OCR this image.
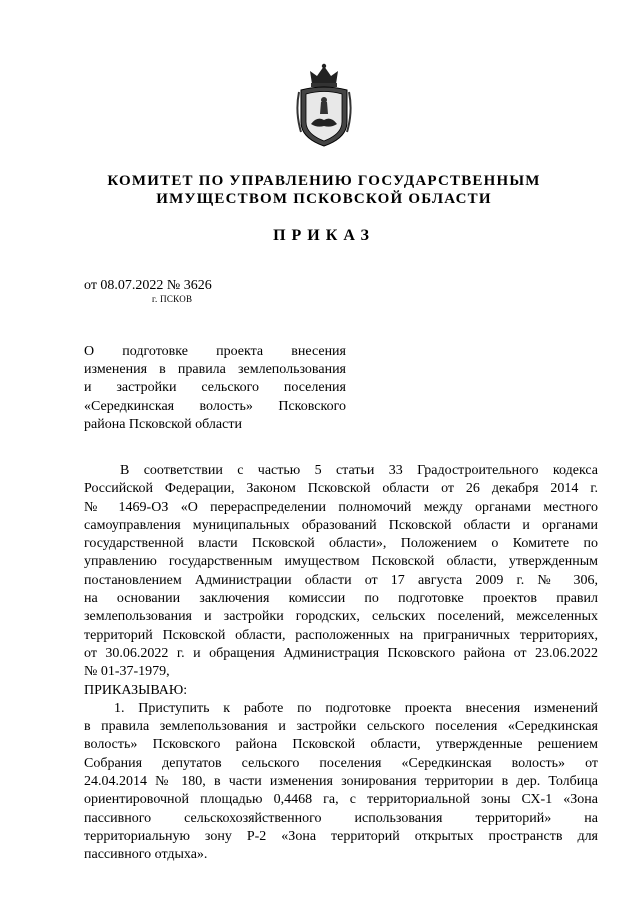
КОМИТЕТ ПО УПРАВЛЕНИЮ ГОСУДАРСТВЕННЫМ
ИМУЩЕСТВОМ ПСКОВСКОЙ ОБЛАСТИ
ПРИКАЗ
от 08.07.2022 № 3626
г. ПСКОВ
О подготовке проекта внесения
изменения в правила землепользования
и застройки сельского поселения
«Середкинская волость» Псковского
района Псковской области
В соответствии с частью 5 статьи 33 Градостроительного кодекса
Российской Федерации, Законом Псковской области от 26 декабря 2014 г.
№ 1469-ОЗ «О перераспределении полномочий между органами местного
самоуправления муниципальных образований Псковской области и органами
государственной власти Псковской области», Положением о Комитете по
управлению государственным имуществом Псковской области, утвержденным
постановлением Администрации области от 17 августа 2009 г. № 306,
на основании заключения комиссии по подготовке проектов правил
землепользования и застройки городских, сельских поселений, межселенных
территорий Псковской области, расположенных на приграничных территориях,
от 30.06.2022 г. и обращения Администрация Псковского района от 23.06.2022
№ 01-37-1979,
ПРИКАЗЫВАЮ:
1. Приступить к работе по подготовке проекта внесения изменений
в правила землепользования и застройки сельского поселения «Середкинская
волость» Псковского района Псковской области, утвержденные решением
Собрания депутатов сельского поселения «Середкинская волость» от
24.04.2014 № 180, в части изменения зонирования территории в дер. Толбица
ориентировочной площадью 0,4468 га, с территориальной зоны СХ-1 «Зона
пассивного сельскохозяйственного использования территорий» на
территориальную зону Р-2 «Зона территорий открытых пространств для
пассивного отдыха».
